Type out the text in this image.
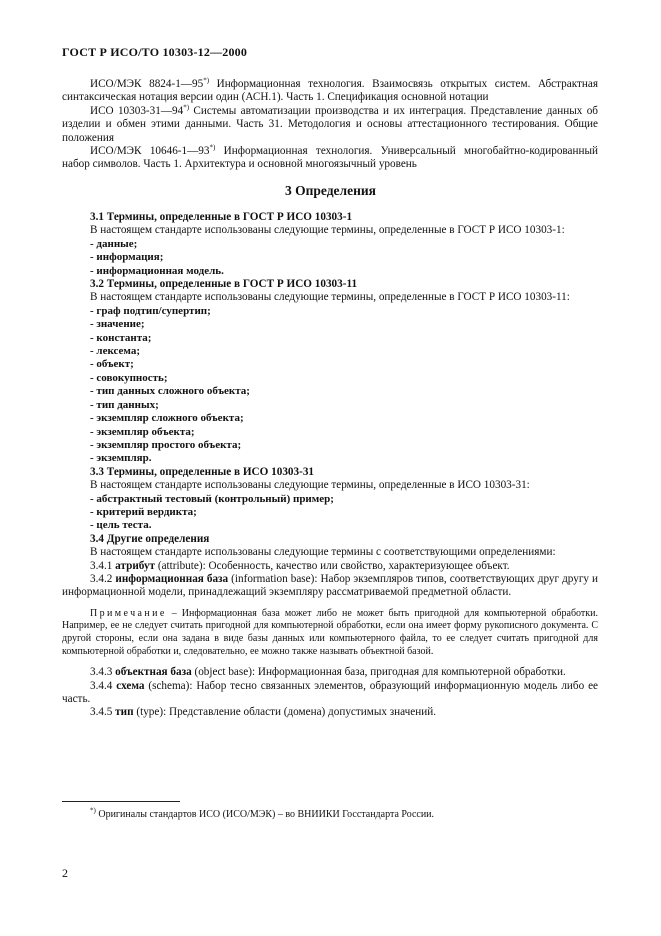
ГОСТ Р ИСО/ТО 10303-12—2000

ИСО/МЭК 8824-1—95*) Информационная технология. Взаимосвязь открытых систем. Абстрактная синтаксическая нотация версии один (АСН.1). Часть 1. Спецификация основной нотации

ИСО 10303-31—94*) Системы автоматизации производства и их интеграция. Представление данных об изделии и обмен этими данными. Часть 31. Методология и основы аттестационного тестирования. Общие положения

ИСО/МЭК 10646-1—93*) Информационная технология. Универсальный многобайтно-кодированный набор символов. Часть 1. Архитектура и основной многоязычный уровень

3 Определения

3.1 Термины, определенные в ГОСТ Р ИСО 10303-1

В настоящем стандарте использованы следующие термины, определенные в ГОСТ Р ИСО 10303-1:

- данные;

- информация;

- информационная модель.

3.2 Термины, определенные в ГОСТ Р ИСО 10303-11

В настоящем стандарте использованы следующие термины, определенные в ГОСТ Р ИСО 10303-11:

- граф подтип/супертип;

- значение;

- константа;

- лексема;

- объект;

- совокупность;

- тип данных сложного объекта;

- тип данных;

- экземпляр сложного объекта;

- экземпляр объекта;

- экземпляр простого объекта;

- экземпляр.

3.3 Термины, определенные в ИСО 10303-31

В настоящем стандарте использованы следующие термины, определенные в ИСО 10303-31:

- абстрактный тестовый (контрольный) пример;

- критерий вердикта;

- цель теста.

3.4 Другие определения

В настоящем стандарте использованы следующие термины с соответствующими определениями:

3.4.1 атрибут (attribute): Особенность, качество или свойство, характеризующее объект.

3.4.2 информационная база (information base): Набор экземпляров типов, соответствующих друг другу и информационной модели, принадлежащий экземпляру рассматриваемой предметной области.

Примечание – Информационная база может либо не может быть пригодной для компьютерной обработки. Например, ее не следует считать пригодной для компьютерной обработки, если она имеет форму рукописного документа. С другой стороны, если она задана в виде базы данных или компьютерного файла, то ее следует считать пригодной для компьютерной обработки и, следовательно, ее можно также называть объектной базой.

3.4.3 объектная база (object base): Информационная база, пригодная для компьютерной обработки.

3.4.4 схема (schema): Набор тесно связанных элементов, образующий информационную модель либо ее часть.

3.4.5 тип (type): Представление области (домена) допустимых значений.

*) Оригиналы стандартов ИСО (ИСО/МЭК) – во ВНИИКИ Госстандарта России.
2
